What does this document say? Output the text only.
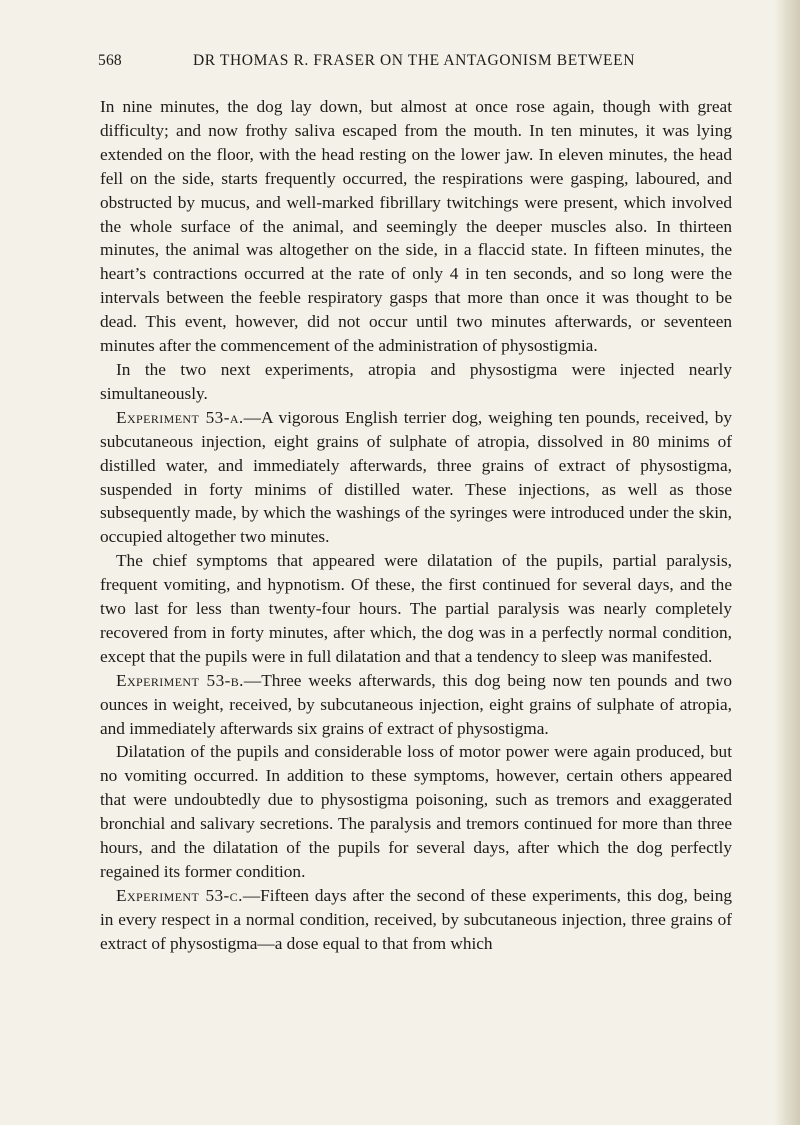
568	DR THOMAS R. FRASER ON THE ANTAGONISM BETWEEN

In nine minutes, the dog lay down, but almost at once rose again, though with great difficulty; and now frothy saliva escaped from the mouth. In ten minutes, it was lying extended on the floor, with the head resting on the lower jaw. In eleven minutes, the head fell on the side, starts frequently occurred, the respirations were gasping, laboured, and obstructed by mucus, and well-marked fibrillary twitchings were present, which involved the whole surface of the animal, and seemingly the deeper muscles also. In thirteen minutes, the animal was altogether on the side, in a flaccid state. In fifteen minutes, the heart’s contractions occurred at the rate of only 4 in ten seconds, and so long were the intervals between the feeble respiratory gasps that more than once it was thought to be dead. This event, however, did not occur until two minutes afterwards, or seventeen minutes after the commencement of the administration of physostigmia.

In the two next experiments, atropia and physostigma were injected nearly simultaneously.

Experiment 53-a.—A vigorous English terrier dog, weighing ten pounds, received, by subcutaneous injection, eight grains of sulphate of atropia, dissolved in 80 minims of distilled water, and immediately afterwards, three grains of extract of physostigma, suspended in forty minims of distilled water. These injections, as well as those subsequently made, by which the washings of the syringes were introduced under the skin, occupied altogether two minutes.

The chief symptoms that appeared were dilatation of the pupils, partial paralysis, frequent vomiting, and hypnotism. Of these, the first continued for several days, and the two last for less than twenty-four hours. The partial paralysis was nearly completely recovered from in forty minutes, after which, the dog was in a perfectly normal condition, except that the pupils were in full dilatation and that a tendency to sleep was manifested.

Experiment 53-b.—Three weeks afterwards, this dog being now ten pounds and two ounces in weight, received, by subcutaneous injection, eight grains of sulphate of atropia, and immediately afterwards six grains of extract of physostigma.

Dilatation of the pupils and considerable loss of motor power were again produced, but no vomiting occurred. In addition to these symptoms, however, certain others appeared that were undoubtedly due to physostigma poisoning, such as tremors and exaggerated bronchial and salivary secretions. The paralysis and tremors continued for more than three hours, and the dilatation of the pupils for several days, after which the dog perfectly regained its former condition.

Experiment 53-c.—Fifteen days after the second of these experiments, this dog, being in every respect in a normal condition, received, by subcutaneous injection, three grains of extract of physostigma—a dose equal to that from which
